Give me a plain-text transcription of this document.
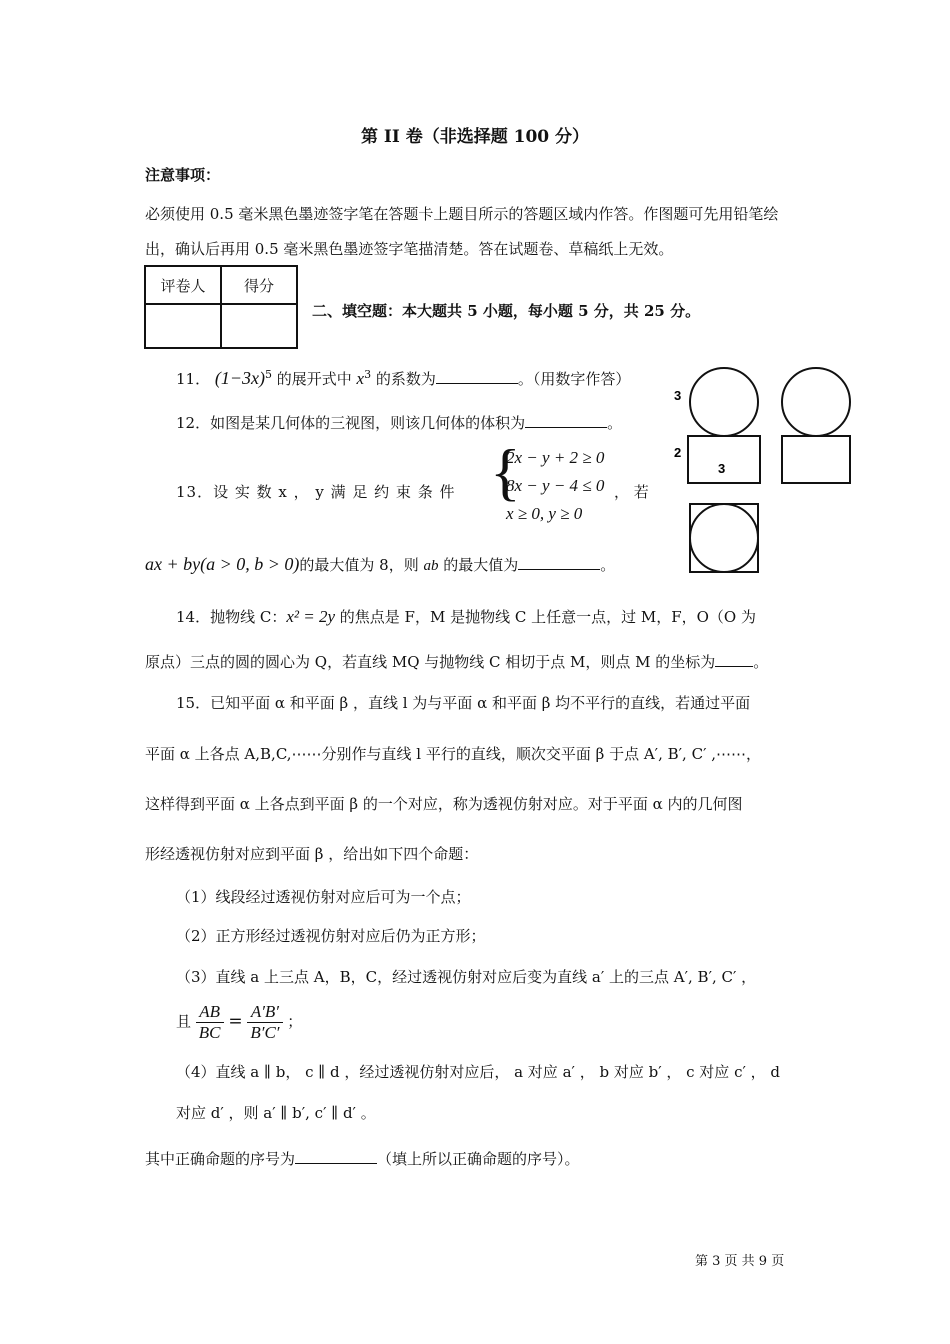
第 II 卷（非选择题 100 分）
注意事项：
必须使用 0.5 毫米黑色墨迹签字笔在答题卡上题目所示的答题区域内作答。作图题可先用铅笔绘
出，确认后再用 0.5 毫米黑色墨迹签字笔描清楚。答在试题卷、草稿纸上无效。
评卷人	得分

二、填空题：本大题共 5 小题，每小题 5 分，共 25 分。
11． $(1-3x)^5$ 的展开式中 $x^3$ 的系数为	。（用数字作答）
12．如图是某几何体的三视图，则该几何体的体积为	。
13．设 实 数 x ， y 满 足 约 束 条 件 {
2x − y + 2 ≥ 0
8x − y − 4 ≤ 0
x ≥ 0, y ≥ 0
， 若
ax + by(a > 0, b > 0)的最大值为 8，则 ab 的最大值为	。
3
2
3
14．抛物线 C：x² = 2y 的焦点是 F，M 是抛物线 C 上任意一点，过 M，F，O（O 为
原点）三点的圆的圆心为 Q，若直线 MQ 与抛物线 C 相切于点 M，则点 M 的坐标为	。
15．已知平面 α 和平面 β ，直线 l 为与平面 α 和平面 β 均不平行的直线，若通过平面
平面 α 上各点 A,B,C,⋯⋯分别作与直线 l 平行的直线，顺次交平面 β 于点 A′, B′, C′ ,⋯⋯，
这样得到平面 α 上各点到平面 β 的一个对应，称为透视仿射对应。对于平面 α 内的几何图
形经透视仿射对应到平面 β ，给出如下四个命题：
（1）线段经过透视仿射对应后可为一个点；
（2）正方形经过透视仿射对应后仍为正方形；
（3）直线 a 上三点 A，B，C，经过透视仿射对应后变为直线 a′ 上的三点 A′, B′, C′ ，
且 $\frac{AB}{BC} = \frac{A'B'}{B'C'}$ ；
（4）直线 a ∥ b， c ∥ d ，经过透视仿射对应后， a 对应 a′ ， b 对应 b′ ， c 对应 c′ ， d
对应 d′ ，则 a′ ∥ b′, c′ ∥ d′ 。
其中正确命题的序号为	（填上所以正确命题的序号）。
第 3 页 共 9 页
